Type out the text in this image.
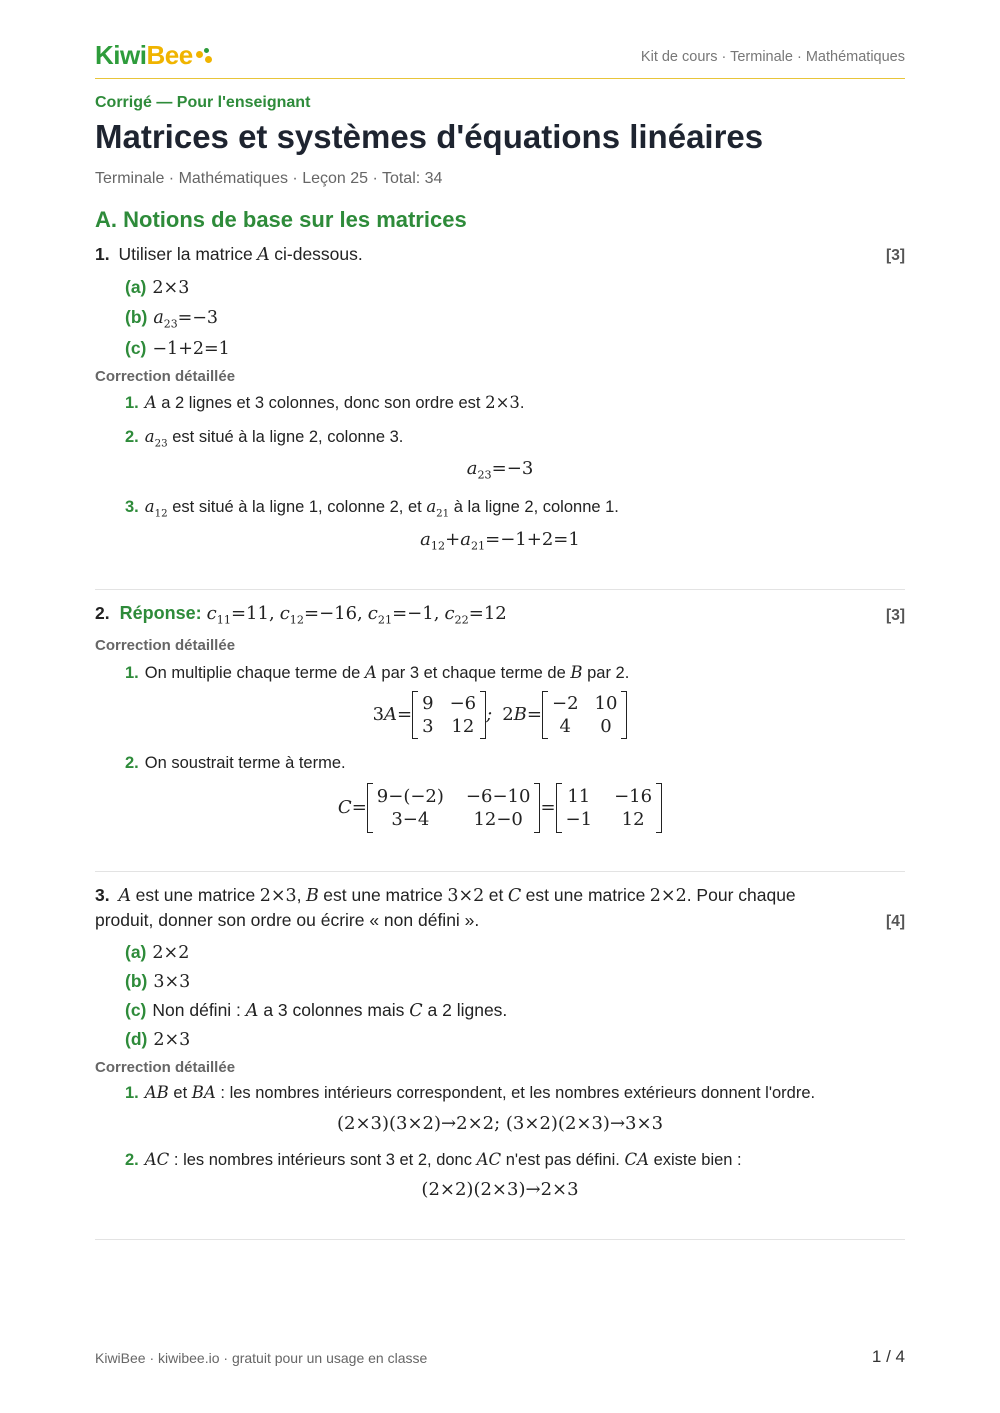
KiwiBee	Kit de cours · Terminale · Mathématiques
Corrigé — Pour l'enseignant
Matrices et systèmes d'équations linéaires
Terminale · Mathématiques · Leçon 25 · Total: 34
A. Notions de base sur les matrices
1. Utiliser la matrice A ci-dessous.	[3]
(a) 2×3
(b) $a_{23}=-3$
(c) −1+2=1
Correction détaillée
1. A a 2 lignes et 3 colonnes, donc son ordre est 2×3.
2. $a_{23}$ est situé à la ligne 2, colonne 3.
$a_{23}=-3$
3. $a_{12}$ est situé à la ligne 1, colonne 2, et $a_{21}$ à la ligne 2, colonne 1.
$a_{12}+a_{21}=-1+2=1$
2. Réponse: $c_{11}=11$, $c_{12}=-16$, $c_{21}=-1$, $c_{22}=12$	[3]
Correction détaillée
1. On multiplie chaque terme de A par 3 et chaque terme de B par 2.
3A=
9 −6
3 12
; 2B=
−2 10
4	0
2. On soustrait terme à terme.
C=
9−(−2) −6−10
3−4	12−0
=
11 −16
−1	12
3. A est une matrice 2×3, B est une matrice 3×2 et C est une matrice 2×2. Pour chaque
produit, donner son ordre ou écrire « non défini ».	[4]
(a) 2×2
(b) 3×3
(c) Non défini : A a 3 colonnes mais C a 2 lignes.
(d) 2×3
Correction détaillée
1. AB et BA : les nombres intérieurs correspondent, et les nombres extérieurs donnent l'ordre.
(2×3)(3×2)→2×2; (3×2)(2×3)→3×3
2. AC : les nombres intérieurs sont 3 et 2, donc AC n'est pas défini. CA existe bien :
(2×2)(2×3)→2×3
KiwiBee · kiwibee.io · gratuit pour un usage en classe	1 / 4
